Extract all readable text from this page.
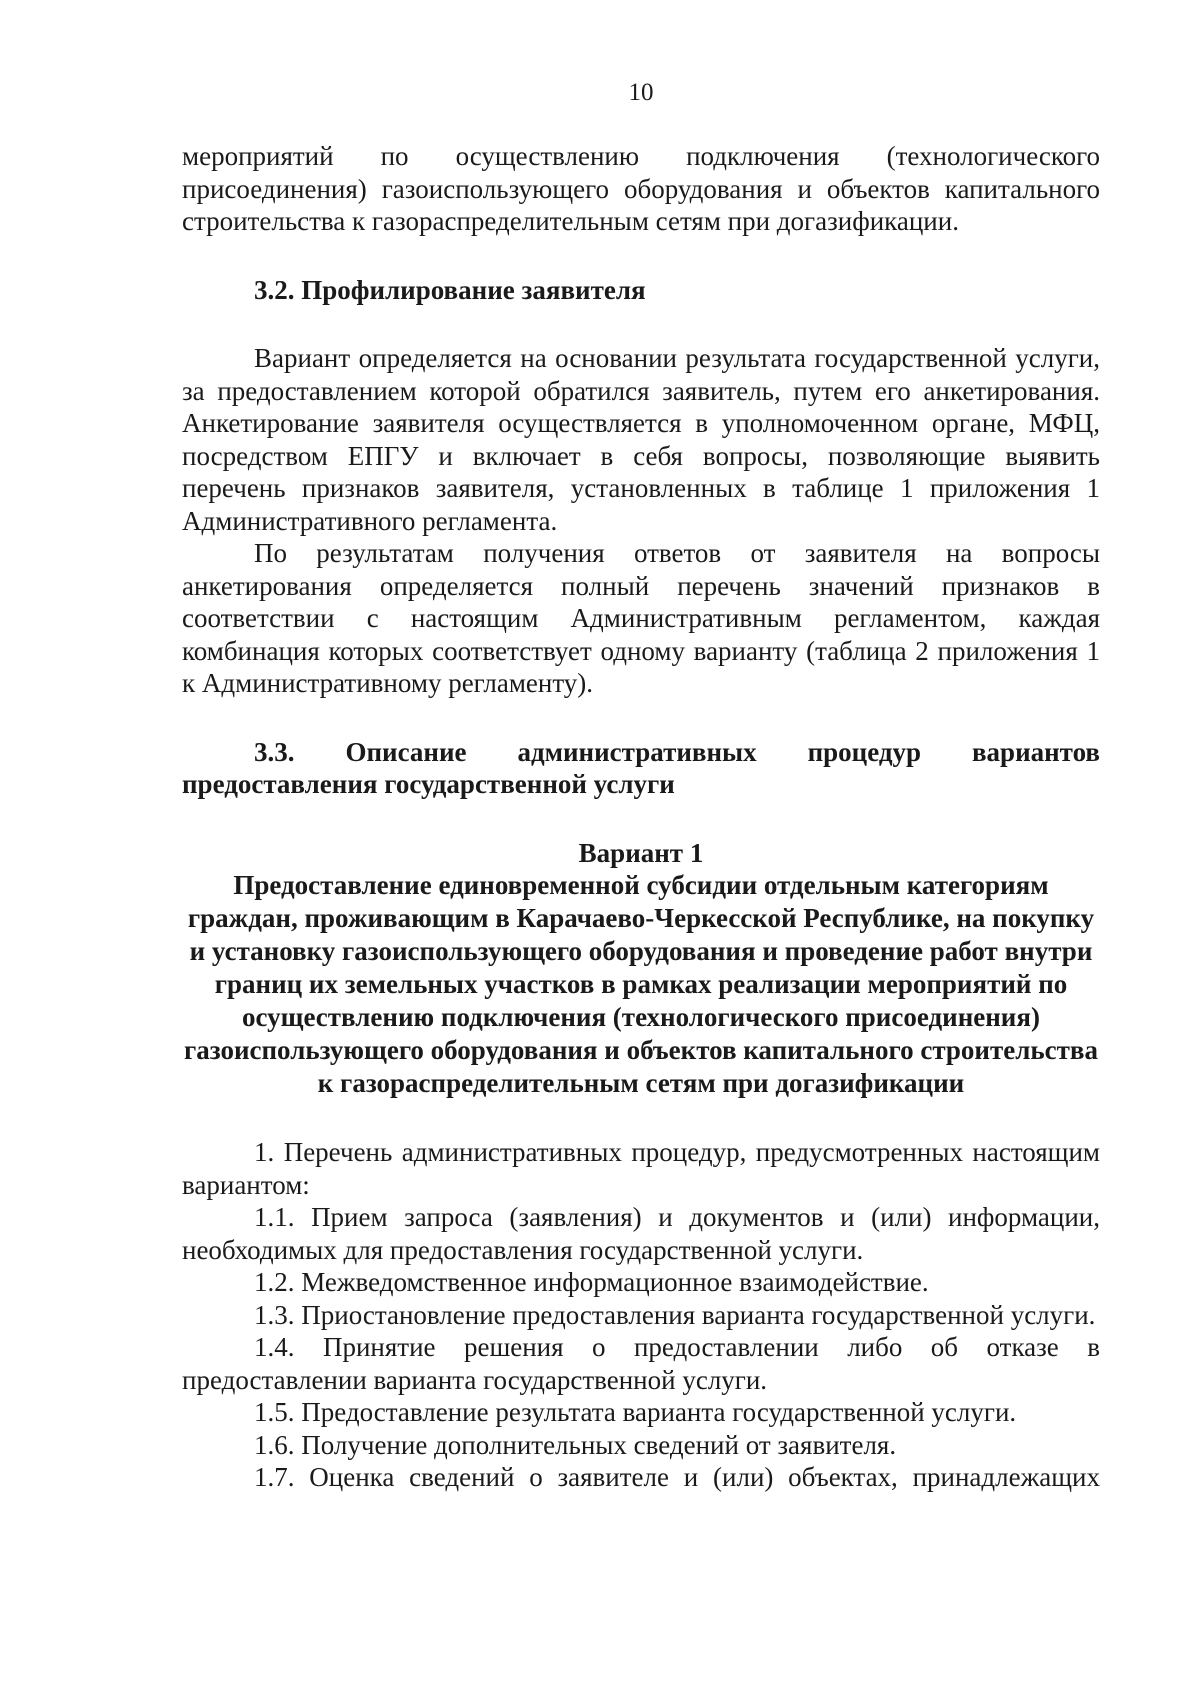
10

мероприятий по осуществлению подключения (технологического присоединения) газоиспользующего оборудования и объектов капитального строительства к газораспределительным сетям при догазификации.

3.2. Профилирование заявителя

Вариант определяется на основании результата государственной услуги, за предоставлением которой обратился заявитель, путем его анкетирования. Анкетирование заявителя осуществляется в уполномоченном органе, МФЦ, посредством ЕПГУ и включает в себя вопросы, позволяющие выявить перечень признаков заявителя, установленных в таблице 1 приложения 1 Административного регламента.

По результатам получения ответов от заявителя на вопросы анкетирования определяется полный перечень значений признаков в соответствии с настоящим Административным регламентом, каждая комбинация которых соответствует одному варианту (таблица 2 приложения 1 к Административному регламенту).

3.3. Описание административных процедур вариантов предоставления государственной услуги

Вариант 1
Предоставление единовременной субсидии отдельным категориям граждан, проживающим в Карачаево-Черкесской Республике, на покупку и установку газоиспользующего оборудования и проведение работ внутри границ их земельных участков в рамках реализации мероприятий по осуществлению подключения (технологического присоединения) газоиспользующего оборудования и объектов капитального строительства к газораспределительным сетям при догазификации

1. Перечень административных процедур, предусмотренных настоящим вариантом:

1.1. Прием запроса (заявления) и документов и (или) информации, необходимых для предоставления государственной услуги.

1.2. Межведомственное информационное взаимодействие.

1.3. Приостановление предоставления варианта государственной услуги.

1.4. Принятие решения о предоставлении либо об отказе в предоставлении варианта государственной услуги.

1.5. Предоставление результата варианта государственной услуги.

1.6. Получение дополнительных сведений от заявителя.

1.7. Оценка сведений о заявителе и (или) объектах, принадлежащих
